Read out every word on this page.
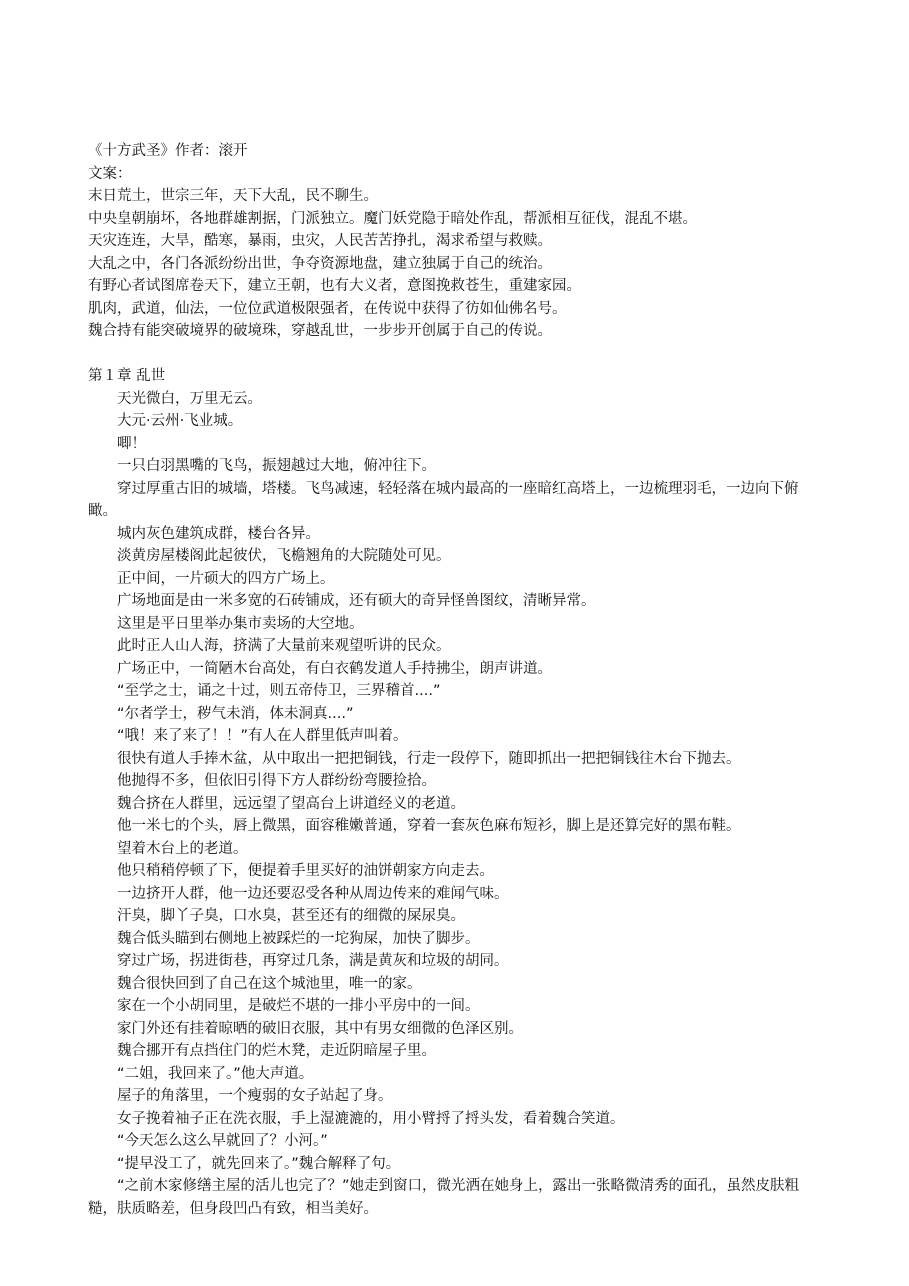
《十方武圣》作者：滚开

文案：

末日荒土，世宗三年，天下大乱，民不聊生。

中央皇朝崩坏，各地群雄割据，门派独立。魔门妖党隐于暗处作乱，帮派相互征伐，混乱不堪。

天灾连连，大旱，酷寒，暴雨，虫灾，人民苦苦挣扎，渴求希望与救赎。

大乱之中，各门各派纷纷出世，争夺资源地盘，建立独属于自己的统治。

有野心者试图席卷天下，建立王朝，也有大义者，意图挽救苍生，重建家园。

肌肉，武道，仙法，一位位武道极限强者，在传说中获得了彷如仙佛名号。

魏合持有能突破境界的破境珠，穿越乱世，一步步开创属于自己的传说。

第１章 乱世

天光微白，万里无云。

大元·云州·飞业城。

唧！

一只白羽黑嘴的飞鸟，振翅越过大地，俯冲往下。

穿过厚重古旧的城墙，塔楼。飞鸟减速，轻轻落在城内最高的一座暗红高塔上，一边梳理羽毛，一边向下俯瞰。

城内灰色建筑成群，楼台各异。

淡黄房屋楼阁此起彼伏，飞檐翘角的大院随处可见。

正中间，一片硕大的四方广场上。

广场地面是由一米多宽的石砖铺成，还有硕大的奇异怪兽图纹，清晰异常。

这里是平日里举办集市卖场的大空地。

此时正人山人海，挤满了大量前来观望听讲的民众。

广场正中，一简陋木台高处，有白衣鹤发道人手持拂尘，朗声讲道。

“至学之士，诵之十过，则五帝侍卫，三界稽首....”

“尔者学士，秽气未消，体未洞真....”

“哦！来了来了！！”有人在人群里低声叫着。

很快有道人手捧木盆，从中取出一把把铜钱，行走一段停下，随即抓出一把把铜钱往木台下抛去。

他抛得不多，但依旧引得下方人群纷纷弯腰捡拾。

魏合挤在人群里，远远望了望高台上讲道经义的老道。

他一米七的个头，唇上微黑，面容稚嫩普通，穿着一套灰色麻布短衫，脚上是还算完好的黑布鞋。

望着木台上的老道。

他只稍稍停顿了下，便提着手里买好的油饼朝家方向走去。

一边挤开人群，他一边还要忍受各种从周边传来的难闻气味。

汗臭，脚丫子臭，口水臭，甚至还有的细微的屎尿臭。

魏合低头瞄到右侧地上被踩烂的一坨狗屎，加快了脚步。

穿过广场，拐进街巷，再穿过几条，满是黄灰和垃圾的胡同。

魏合很快回到了自己在这个城池里，唯一的家。

家在一个小胡同里，是破烂不堪的一排小平房中的一间。

家门外还有挂着晾晒的破旧衣服，其中有男女细微的色泽区别。

魏合挪开有点挡住门的烂木凳，走近阴暗屋子里。

“二姐，我回来了。”他大声道。

屋子的角落里，一个瘦弱的女子站起了身。

女子挽着袖子正在洗衣服，手上湿漉漉的，用小臂捋了捋头发，看着魏合笑道。

“今天怎么这么早就回了？小河。”

“提早没工了，就先回来了。”魏合解释了句。

“之前木家修缮主屋的活儿也完了？”她走到窗口，微光洒在她身上，露出一张略微清秀的面孔，虽然皮肤粗糙，肤质略差，但身段凹凸有致，相当美好。
